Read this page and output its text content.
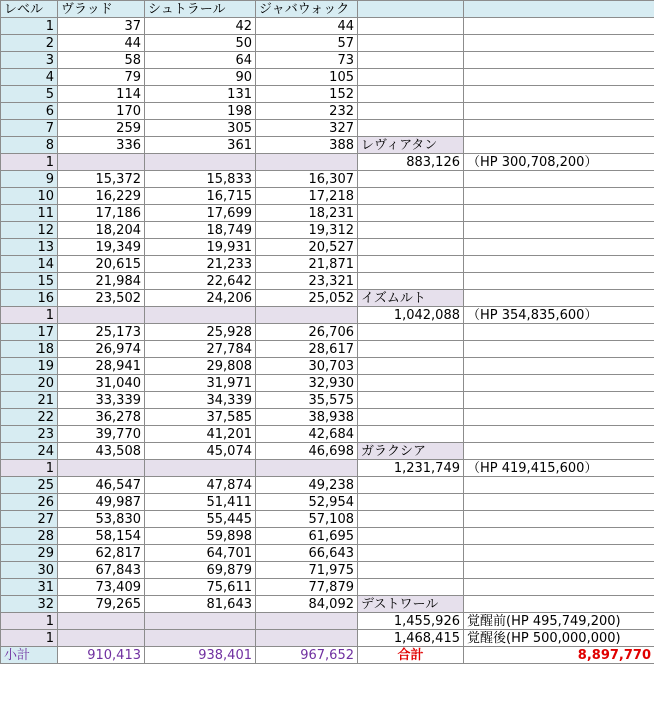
レベル	ヴラッド	シュトラール	ジャバウォック		
1	37	42	44		
2	44	50	57		
3	58	64	73		
4	79	90	105		
5	114	131	152		
6	170	198	232		
7	259	305	327		
8	336	361	388	レヴィアタン	
1				883,126	（HP 300,708,200）
9	15,372	15,833	16,307		
10	16,229	16,715	17,218		
11	17,186	17,699	18,231		
12	18,204	18,749	19,312		
13	19,349	19,931	20,527		
14	20,615	21,233	21,871		
15	21,984	22,642	23,321		
16	23,502	24,206	25,052	イズムルト	
1				1,042,088	（HP 354,835,600）
17	25,173	25,928	26,706		
18	26,974	27,784	28,617		
19	28,941	29,808	30,703		
20	31,040	31,971	32,930		
21	33,339	34,339	35,575		
22	36,278	37,585	38,938		
23	39,770	41,201	42,684		
24	43,508	45,074	46,698	ガラクシア	
1				1,231,749	（HP 419,415,600）
25	46,547	47,874	49,238		
26	49,987	51,411	52,954		
27	53,830	55,445	57,108		
28	58,154	59,898	61,695		
29	62,817	64,701	66,643		
30	67,843	69,879	71,975		
31	73,409	75,611	77,879		
32	79,265	81,643	84,092	デストワール	
1				1,455,926	覚醒前(HP 495,749,200)
1				1,468,415	覚醒後(HP 500,000,000)
小計	910,413	938,401	967,652	合計	8,897,770
